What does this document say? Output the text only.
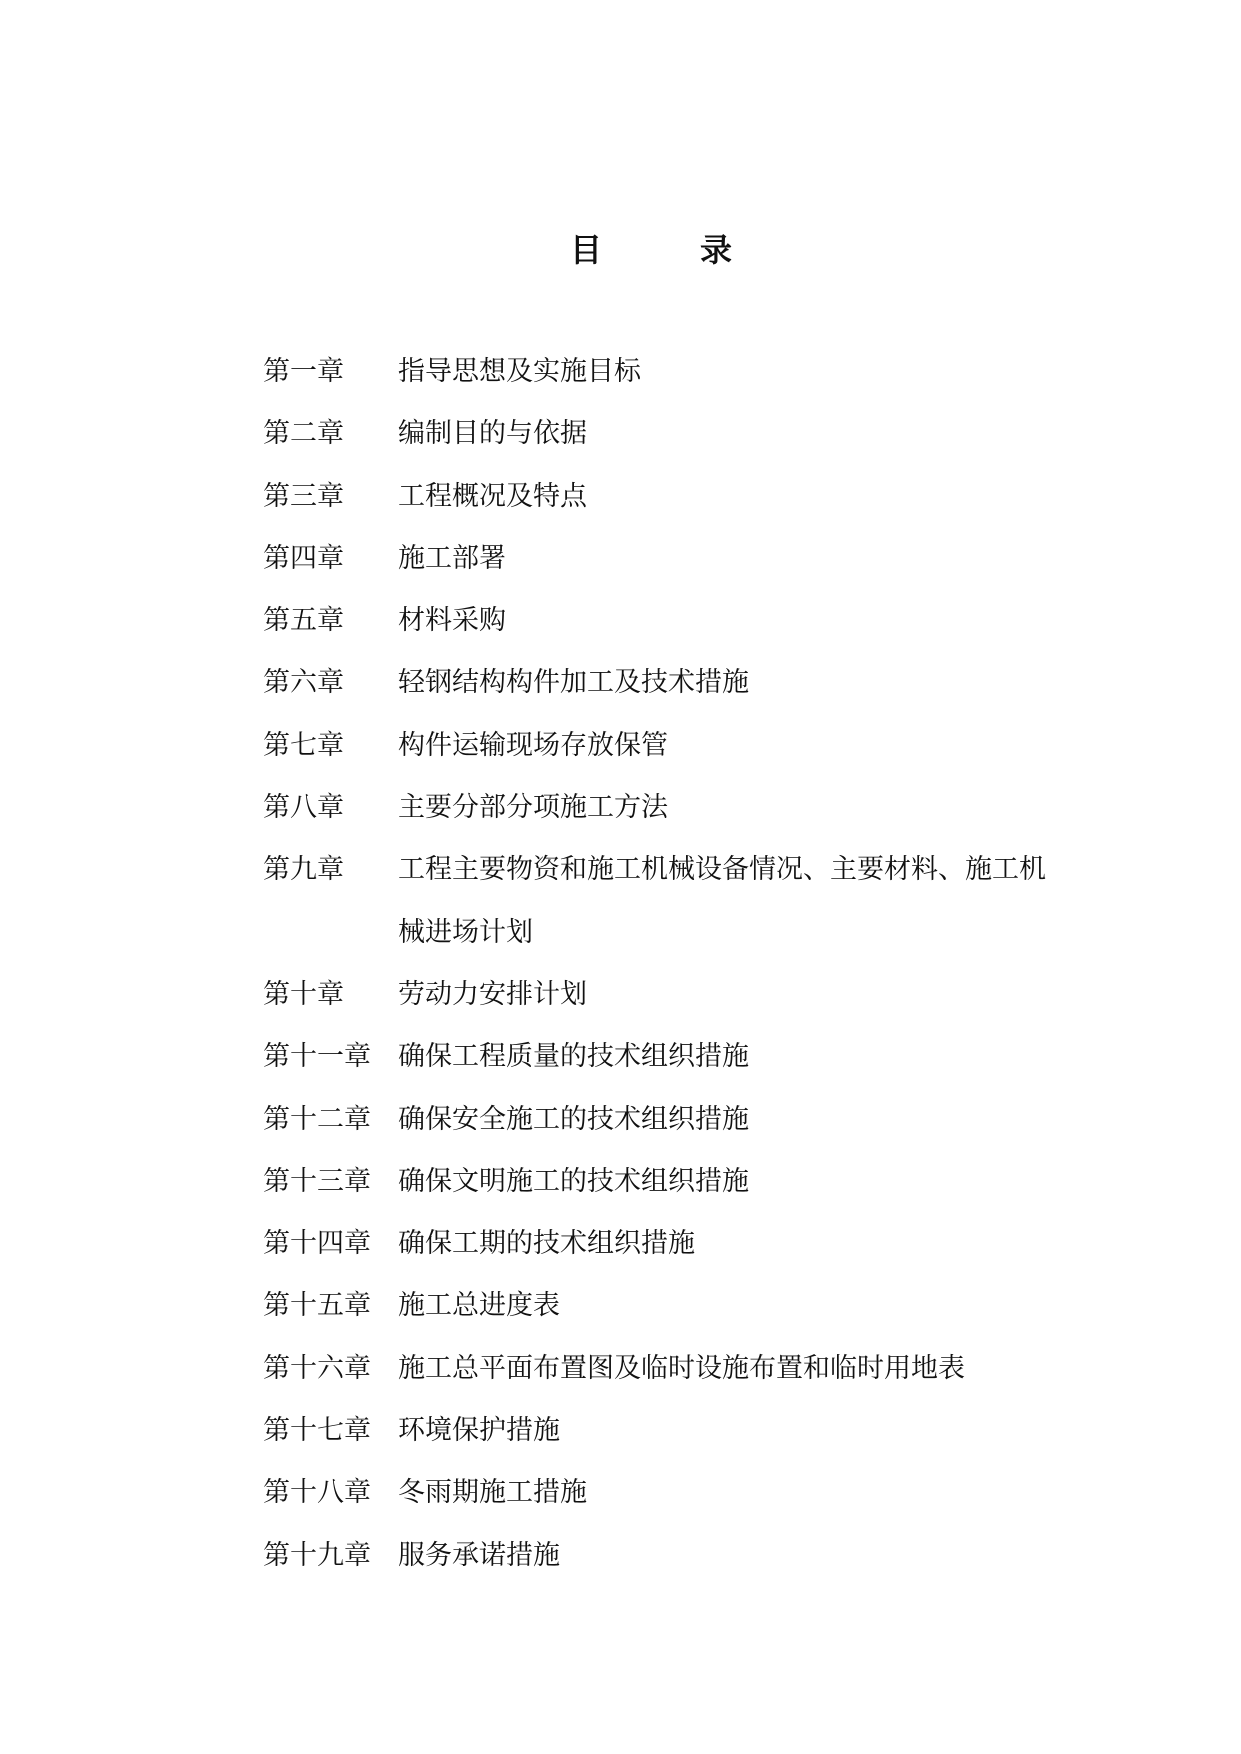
目	录
第一章	指导思想及实施目标
第二章	编制目的与依据
第三章	工程概况及特点
第四章	施工部署
第五章	材料采购
第六章	轻钢结构构件加工及技术措施
第七章	构件运输现场存放保管
第八章	主要分部分项施工方法
第九章	工程主要物资和施工机械设备情况、主要材料、施工机械进场计划
第十章	劳动力安排计划
第十一章	确保工程质量的技术组织措施
第十二章	确保安全施工的技术组织措施
第十三章	确保文明施工的技术组织措施
第十四章	确保工期的技术组织措施
第十五章	施工总进度表
第十六章	施工总平面布置图及临时设施布置和临时用地表
第十七章	环境保护措施
第十八章	冬雨期施工措施
第十九章	服务承诺措施
